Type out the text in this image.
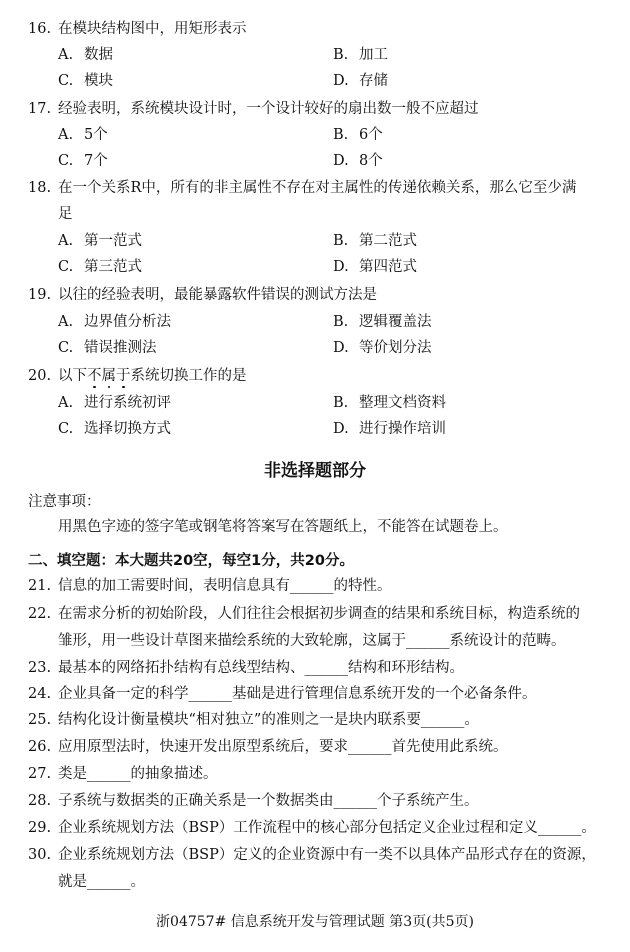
16. 在模块结构图中，用矩形表示
A. 数据	B. 加工
C. 模块	D. 存储
17. 经验表明，系统模块设计时，一个设计较好的扇出数一般不应超过
A. 5个	B. 6个
C. 7个	D. 8个
18. 在一个关系R中，所有的非主属性不存在对主属性的传递依赖关系，那么它至少满
足
A. 第一范式	B. 第二范式
C. 第三范式	D. 第四范式
19. 以往的经验表明，最能暴露软件错误的测试方法是
A. 边界值分析法	B. 逻辑覆盖法
C. 错误推测法	D. 等价划分法
20. 以下不属于系统切换工作的是
A. 进行系统初评	B. 整理文档资料
C. 选择切换方式	D. 进行操作培训
非选择题部分
注意事项：
用黑色字迹的签字笔或钢笔将答案写在答题纸上，不能答在试题卷上。
二、填空题：本大题共20空，每空1分，共20分。
21. 信息的加工需要时间，表明信息具有______的特性。
22. 在需求分析的初始阶段，人们往往会根据初步调查的结果和系统目标，构造系统的
雏形，用一些设计草图来描绘系统的大致轮廓，这属于______系统设计的范畴。
23. 最基本的网络拓扑结构有总线型结构、______结构和环形结构。
24. 企业具备一定的科学______基础是进行管理信息系统开发的一个必备条件。
25. 结构化设计衡量模块“相对独立”的准则之一是块内联系要______。
26. 应用原型法时，快速开发出原型系统后，要求______首先使用此系统。
27. 类是______的抽象描述。
28. 子系统与数据类的正确关系是一个数据类由______个子系统产生。
29. 企业系统规划方法（BSP）工作流程中的核心部分包括定义企业过程和定义______。
30. 企业系统规划方法（BSP）定义的企业资源中有一类不以具体产品形式存在的资源，
就是______。
浙04757# 信息系统开发与管理试题 第3页(共5页)
